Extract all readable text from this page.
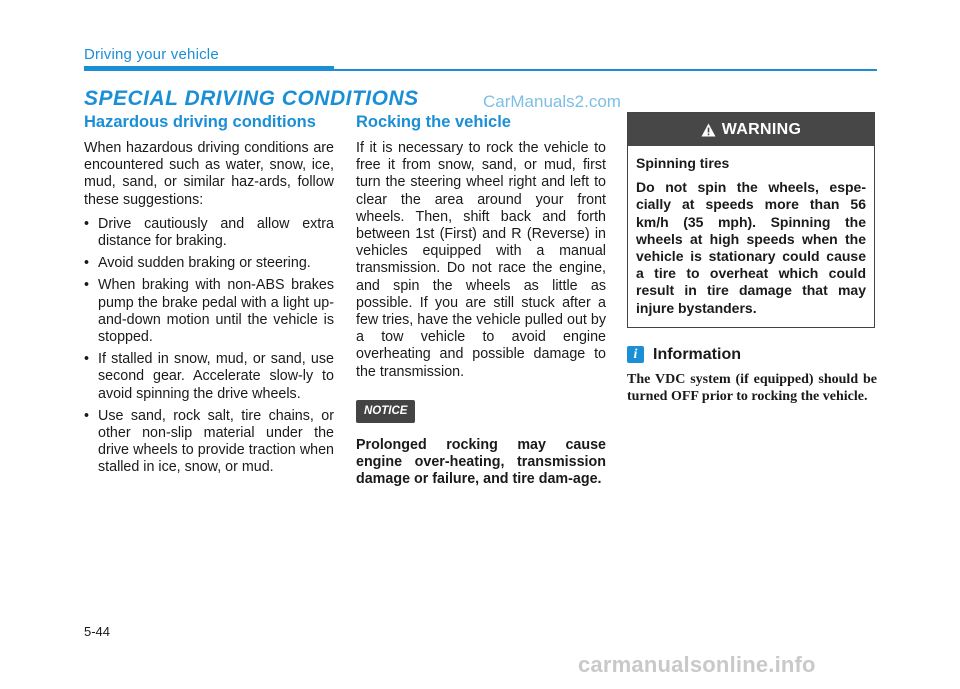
Driving your vehicle
SPECIAL DRIVING CONDITIONS	CarManuals2.com
Hazardous driving conditions

When hazardous driving conditions are encountered such as water, snow, ice, mud, sand, or similar haz-ards, follow these suggestions:

• Drive cautiously and allow extra distance for braking.
• Avoid sudden braking or steering.
• When braking with non-ABS brakes pump the brake pedal with a light up-and-down motion until the vehicle is stopped.
• If stalled in snow, mud, or sand, use second gear. Accelerate slow-ly to avoid spinning the drive wheels.
• Use sand, rock salt, tire chains, or other non-slip material under the drive wheels to provide traction when stalled in ice, snow, or mud.
Rocking the vehicle

If it is necessary to rock the vehicle to free it from snow, sand, or mud, first turn the steering wheel right and left to clear the area around your front wheels. Then, shift back and forth between 1st (First) and R (Reverse) in vehicles equipped with a manual transmission. Do not race the engine, and spin the wheels as little as possible. If you are still stuck after a few tries, have the vehicle pulled out by a tow vehicle to avoid engine overheating and possible damage to the transmission.

NOTICE

Prolonged rocking may cause engine over-heating, transmission damage or failure, and tire dam-age.

WARNING

Spinning tires

Do not spin the wheels, espe-cially at speeds more than 56 km/h (35 mph). Spinning the wheels at high speeds when the vehicle is stationary could cause a tire to overheat which could result in tire damage that may injure bystanders.

i Information

The VDC system (if equipped) should be turned OFF prior to rocking the vehicle.

5-44
carmanualsonline.info
